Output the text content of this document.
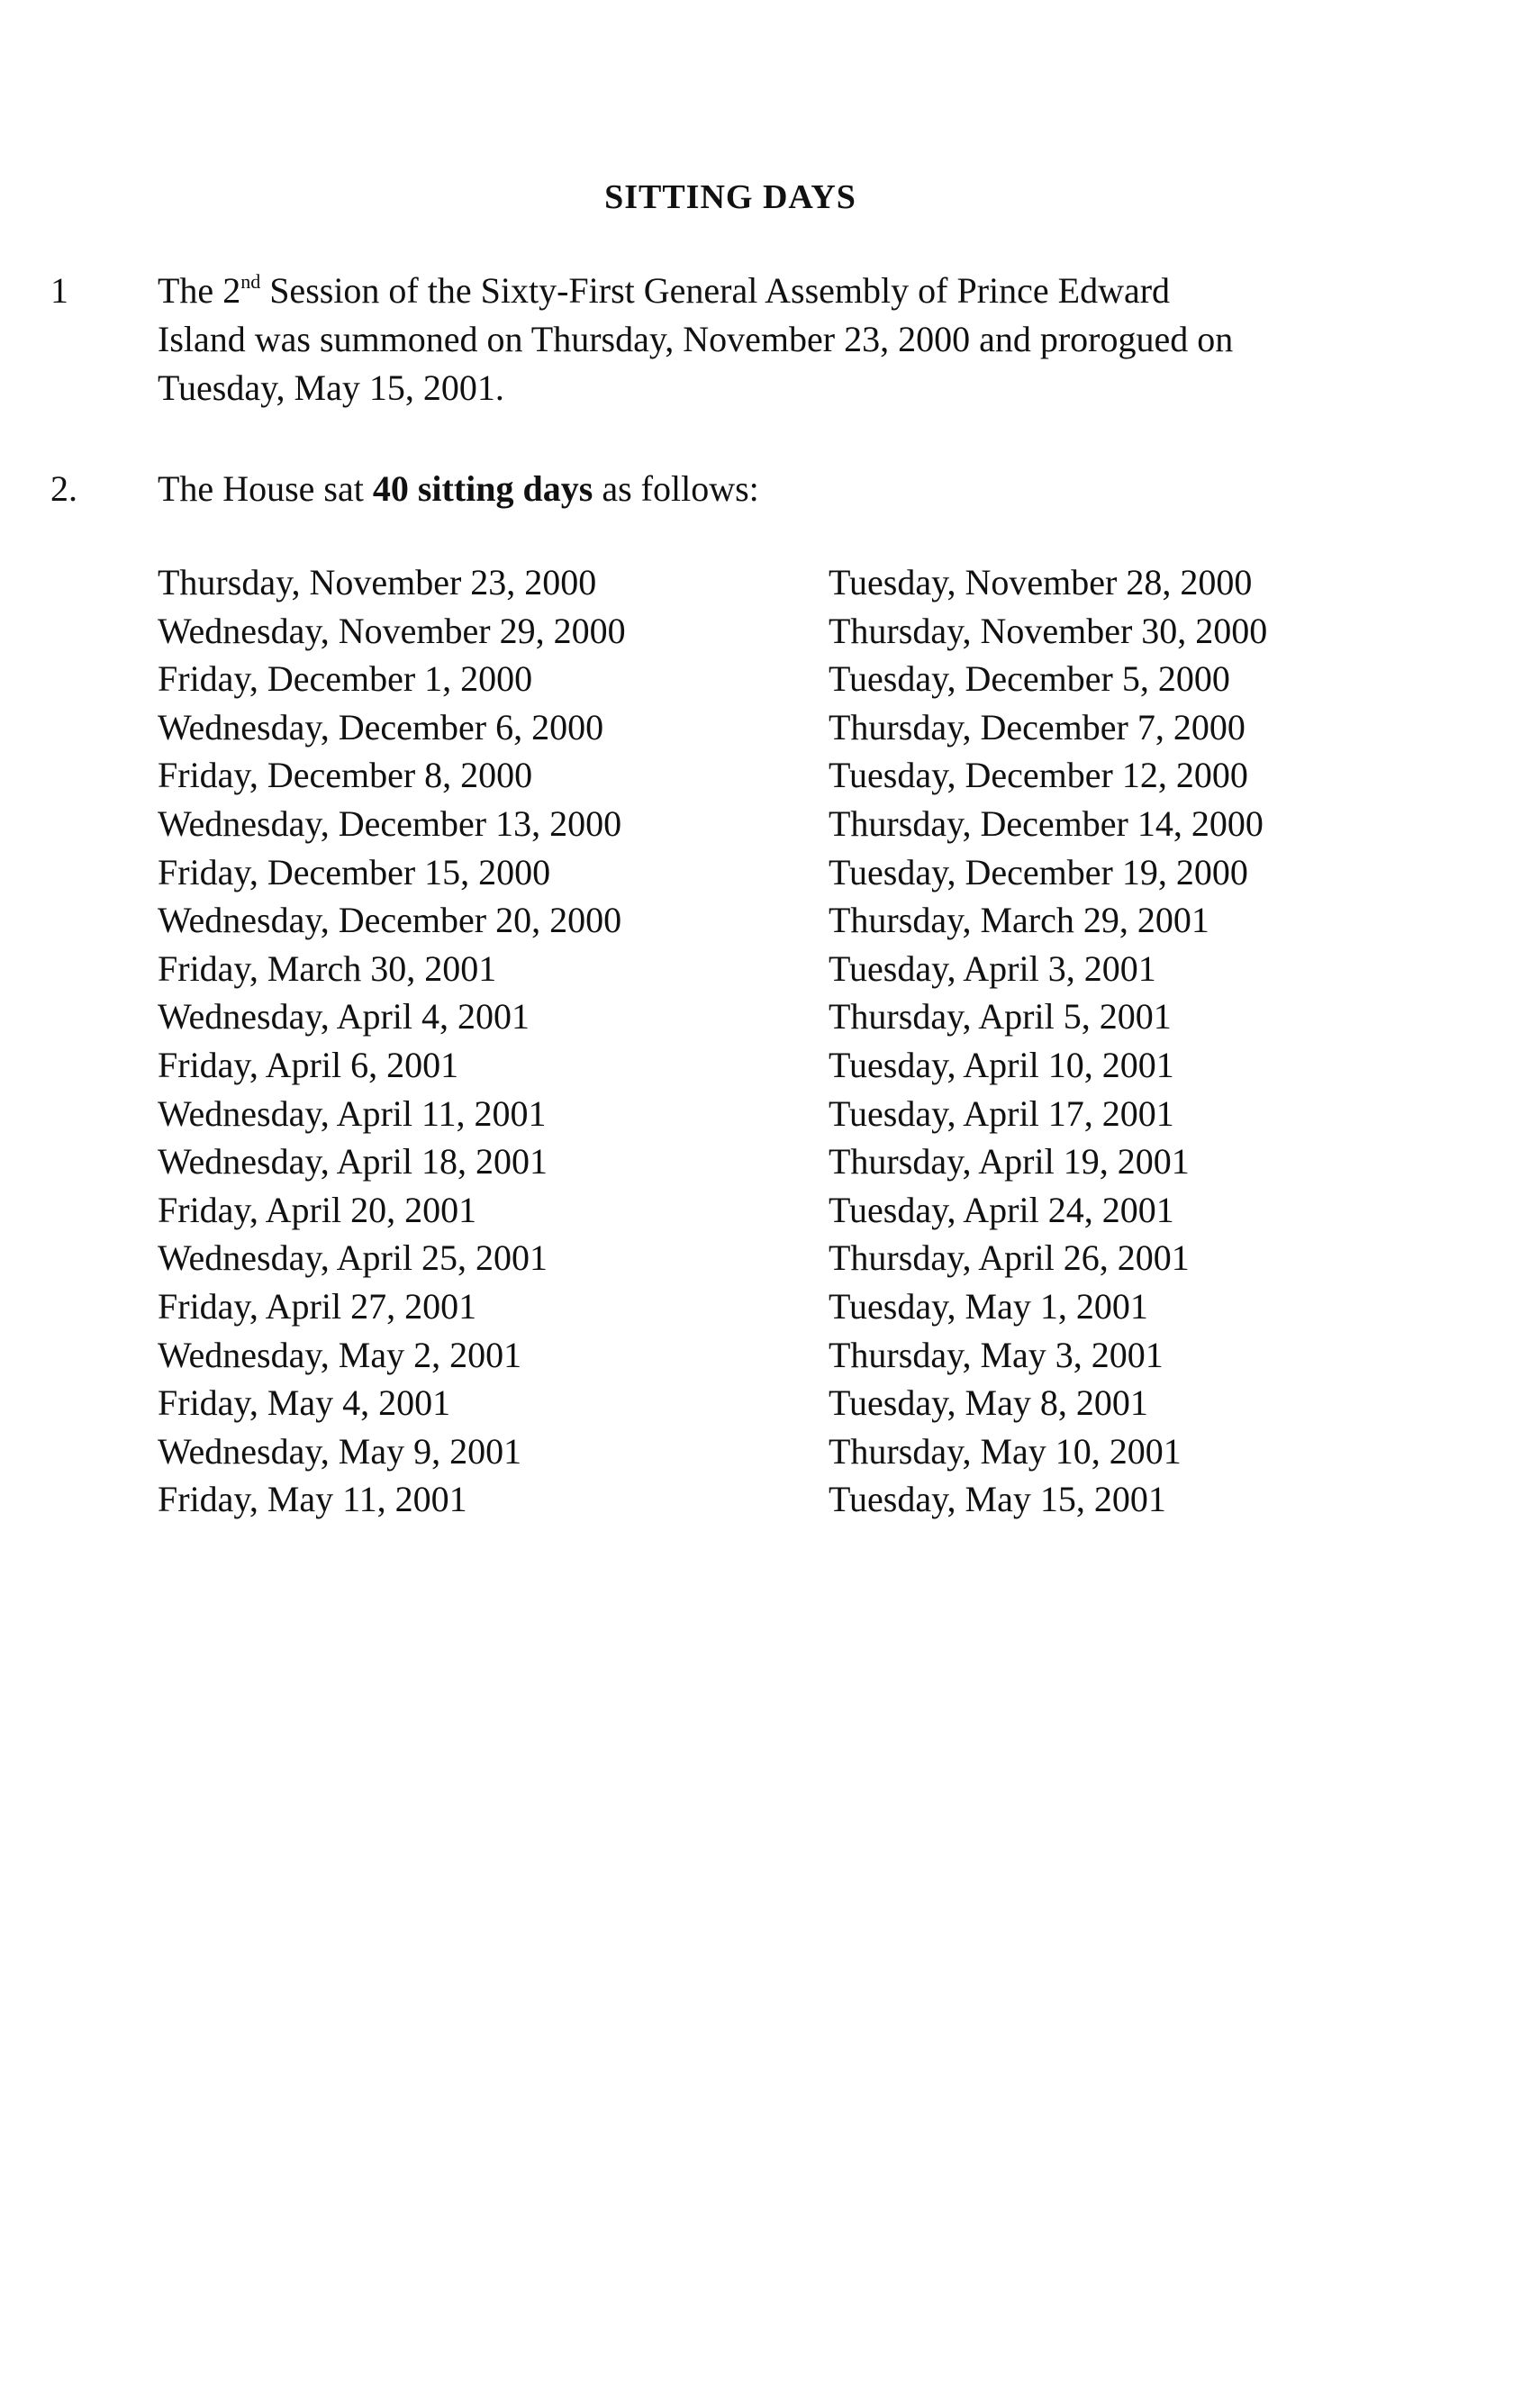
SITTING DAYS
1 The 2nd Session of the Sixty-First General Assembly of Prince Edward
Island was summoned on Thursday, November 23, 2000 and prorogued on
Tuesday, May 15, 2001.
2. The House sat 40 sitting days as follows:
Thursday, November 23, 2000	Tuesday, November 28, 2000
Wednesday, November 29, 2000	Thursday, November 30, 2000
Friday, December 1, 2000	Tuesday, December 5, 2000
Wednesday, December 6, 2000	Thursday, December 7, 2000
Friday, December 8, 2000	Tuesday, December 12, 2000
Wednesday, December 13, 2000	Thursday, December 14, 2000
Friday, December 15, 2000	Tuesday, December 19, 2000
Wednesday, December 20, 2000	Thursday, March 29, 2001
Friday, March 30, 2001	Tuesday, April 3, 2001
Wednesday, April 4, 2001	Thursday, April 5, 2001
Friday, April 6, 2001	Tuesday, April 10, 2001
Wednesday, April 11, 2001	Tuesday, April 17, 2001
Wednesday, April 18, 2001	Thursday, April 19, 2001
Friday, April 20, 2001	Tuesday, April 24, 2001
Wednesday, April 25, 2001	Thursday, April 26, 2001
Friday, April 27, 2001	Tuesday, May 1, 2001
Wednesday, May 2, 2001	Thursday, May 3, 2001
Friday, May 4, 2001	Tuesday, May 8, 2001
Wednesday, May 9, 2001	Thursday, May 10, 2001
Friday, May 11, 2001	Tuesday, May 15, 2001
